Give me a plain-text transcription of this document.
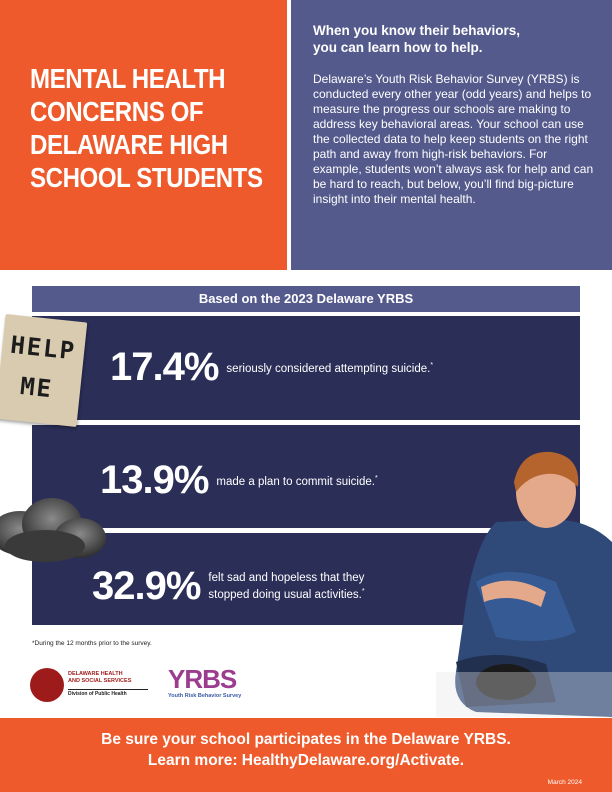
MENTAL HEALTH CONCERNS OF DELAWARE HIGH SCHOOL STUDENTS
When you know their behaviors,
you can learn how to help.

Delaware’s Youth Risk Behavior Survey (YRBS) is conducted every other year (odd years) and helps to measure the progress our schools are making to address key behavioral areas. Your school can use the collected data to help keep students on the right path and away from high-risk behaviors. For example, students won’t always ask for help and can be hard to reach, but below, you’ll find big-picture insight into their mental health.

Based on the 2023 Delaware YRBS
HELP
ME 17.4% seriously considered attempting suicide.*
13.9% made a plan to commit suicide.*
32.9% felt sad and hopeless that they
stopped doing usual activities.*
*During the 12 months prior to the survey.
DELAWARE HEALTH
AND SOCIAL SERVICES
Division of Public Health	YRBS
Youth Risk Behavior Survey
Be sure your school participates in the Delaware YRBS.
Learn more: HealthyDelaware.org/Activate.
March 2024
